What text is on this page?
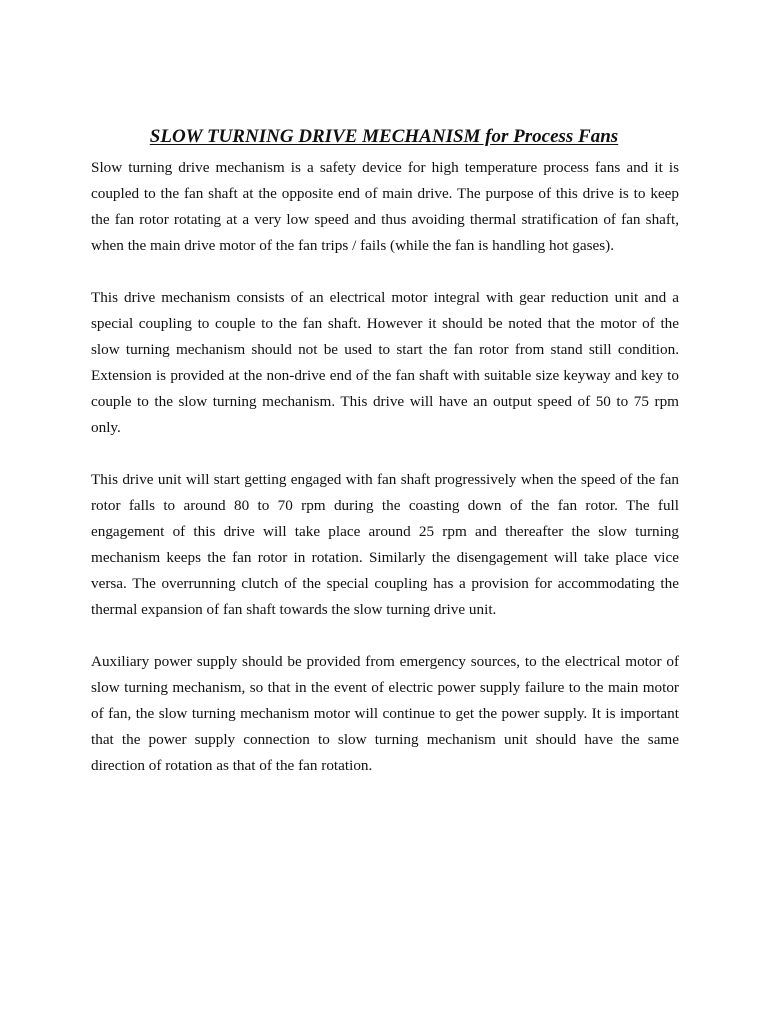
SLOW TURNING DRIVE MECHANISM for Process Fans

Slow turning drive mechanism is a safety device for high temperature process fans and it is coupled to the fan shaft at the opposite end of main drive. The purpose of this drive is to keep the fan rotor rotating at a very low speed and thus avoiding thermal stratification of fan shaft, when the main drive motor of the fan trips / fails (while the fan is handling hot gases).

This drive mechanism consists of an electrical motor integral with gear reduction unit and a special coupling to couple to the fan shaft. However it should be noted that the motor of the slow turning mechanism should not be used to start the fan rotor from stand still condition. Extension is provided at the non-drive end of the fan shaft with suitable size keyway and key to couple to the slow turning mechanism. This drive will have an output speed of 50 to 75 rpm only.

This drive unit will start getting engaged with fan shaft progressively when the speed of the fan rotor falls to around 80 to 70 rpm during the coasting down of the fan rotor. The full engagement of this drive will take place around 25 rpm and thereafter the slow turning mechanism keeps the fan rotor in rotation. Similarly the disengagement will take place vice versa. The overrunning clutch of the special coupling has a provision for accommodating the thermal expansion of fan shaft towards the slow turning drive unit.

Auxiliary power supply should be provided from emergency sources, to the electrical motor of slow turning mechanism, so that in the event of electric power supply failure to the main motor of fan, the slow turning mechanism motor will continue to get the power supply. It is important that the power supply connection to slow turning mechanism unit should have the same direction of rotation as that of the fan rotation.
